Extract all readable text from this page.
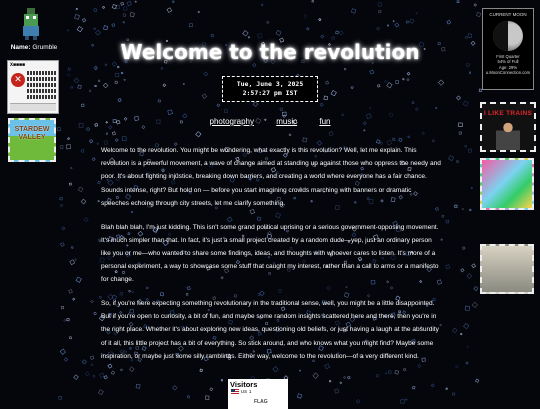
Name: Grumble
X■■■■
✕
STARDEW VALLEY
CURRENT MOON
First Quarter
54% of Full
Age: 29%
u.MoonConnection.com
I LIKE TRAINS
Welcome to the revolution
Tue, June 3, 2025
2:57:27 pm IST
photography	music	fun

Welcome to the revolution. You might be wondering, what exactly is this revolution? Well, let me explain. This revolution is a powerful movement, a wave of change aimed at standing up against those who oppress the needy and poor. It's about fighting injustice, breaking down barriers, and creating a world where everyone has a fair chance. Sounds intense, right? But hold on — before you start imagining crowds marching with banners or dramatic speeches echoing through city streets, let me clarify something.

Blah blah blah, I'm just kidding. This isn't some grand political uprising or a serious government-opposing movement. It's much simpler than that. In fact, it's just a small project created by a random dude—yep, just an ordinary person like you or me—who wanted to share some findings, ideas, and thoughts with whoever cares to listen. It's more of a personal experiment, a way to showcase some stuff that caught my interest, rather than a call to arms or a manifesto for change.

So, if you're here expecting something revolutionary in the traditional sense, well, you might be a little disappointed. But if you're open to curiosity, a bit of fun, and maybe some random insights scattered here and there, then you're in the right place. Whether it's about exploring new ideas, questioning old beliefs, or just having a laugh at the absurdity of it all, this little project has a bit of everything. So stick around, and who knows what you might find? Maybe some inspiration, or maybe just some silly ramblings. Either way, welcome to the revolution—of a very different kind.

Visitors
US 1
FLAG
